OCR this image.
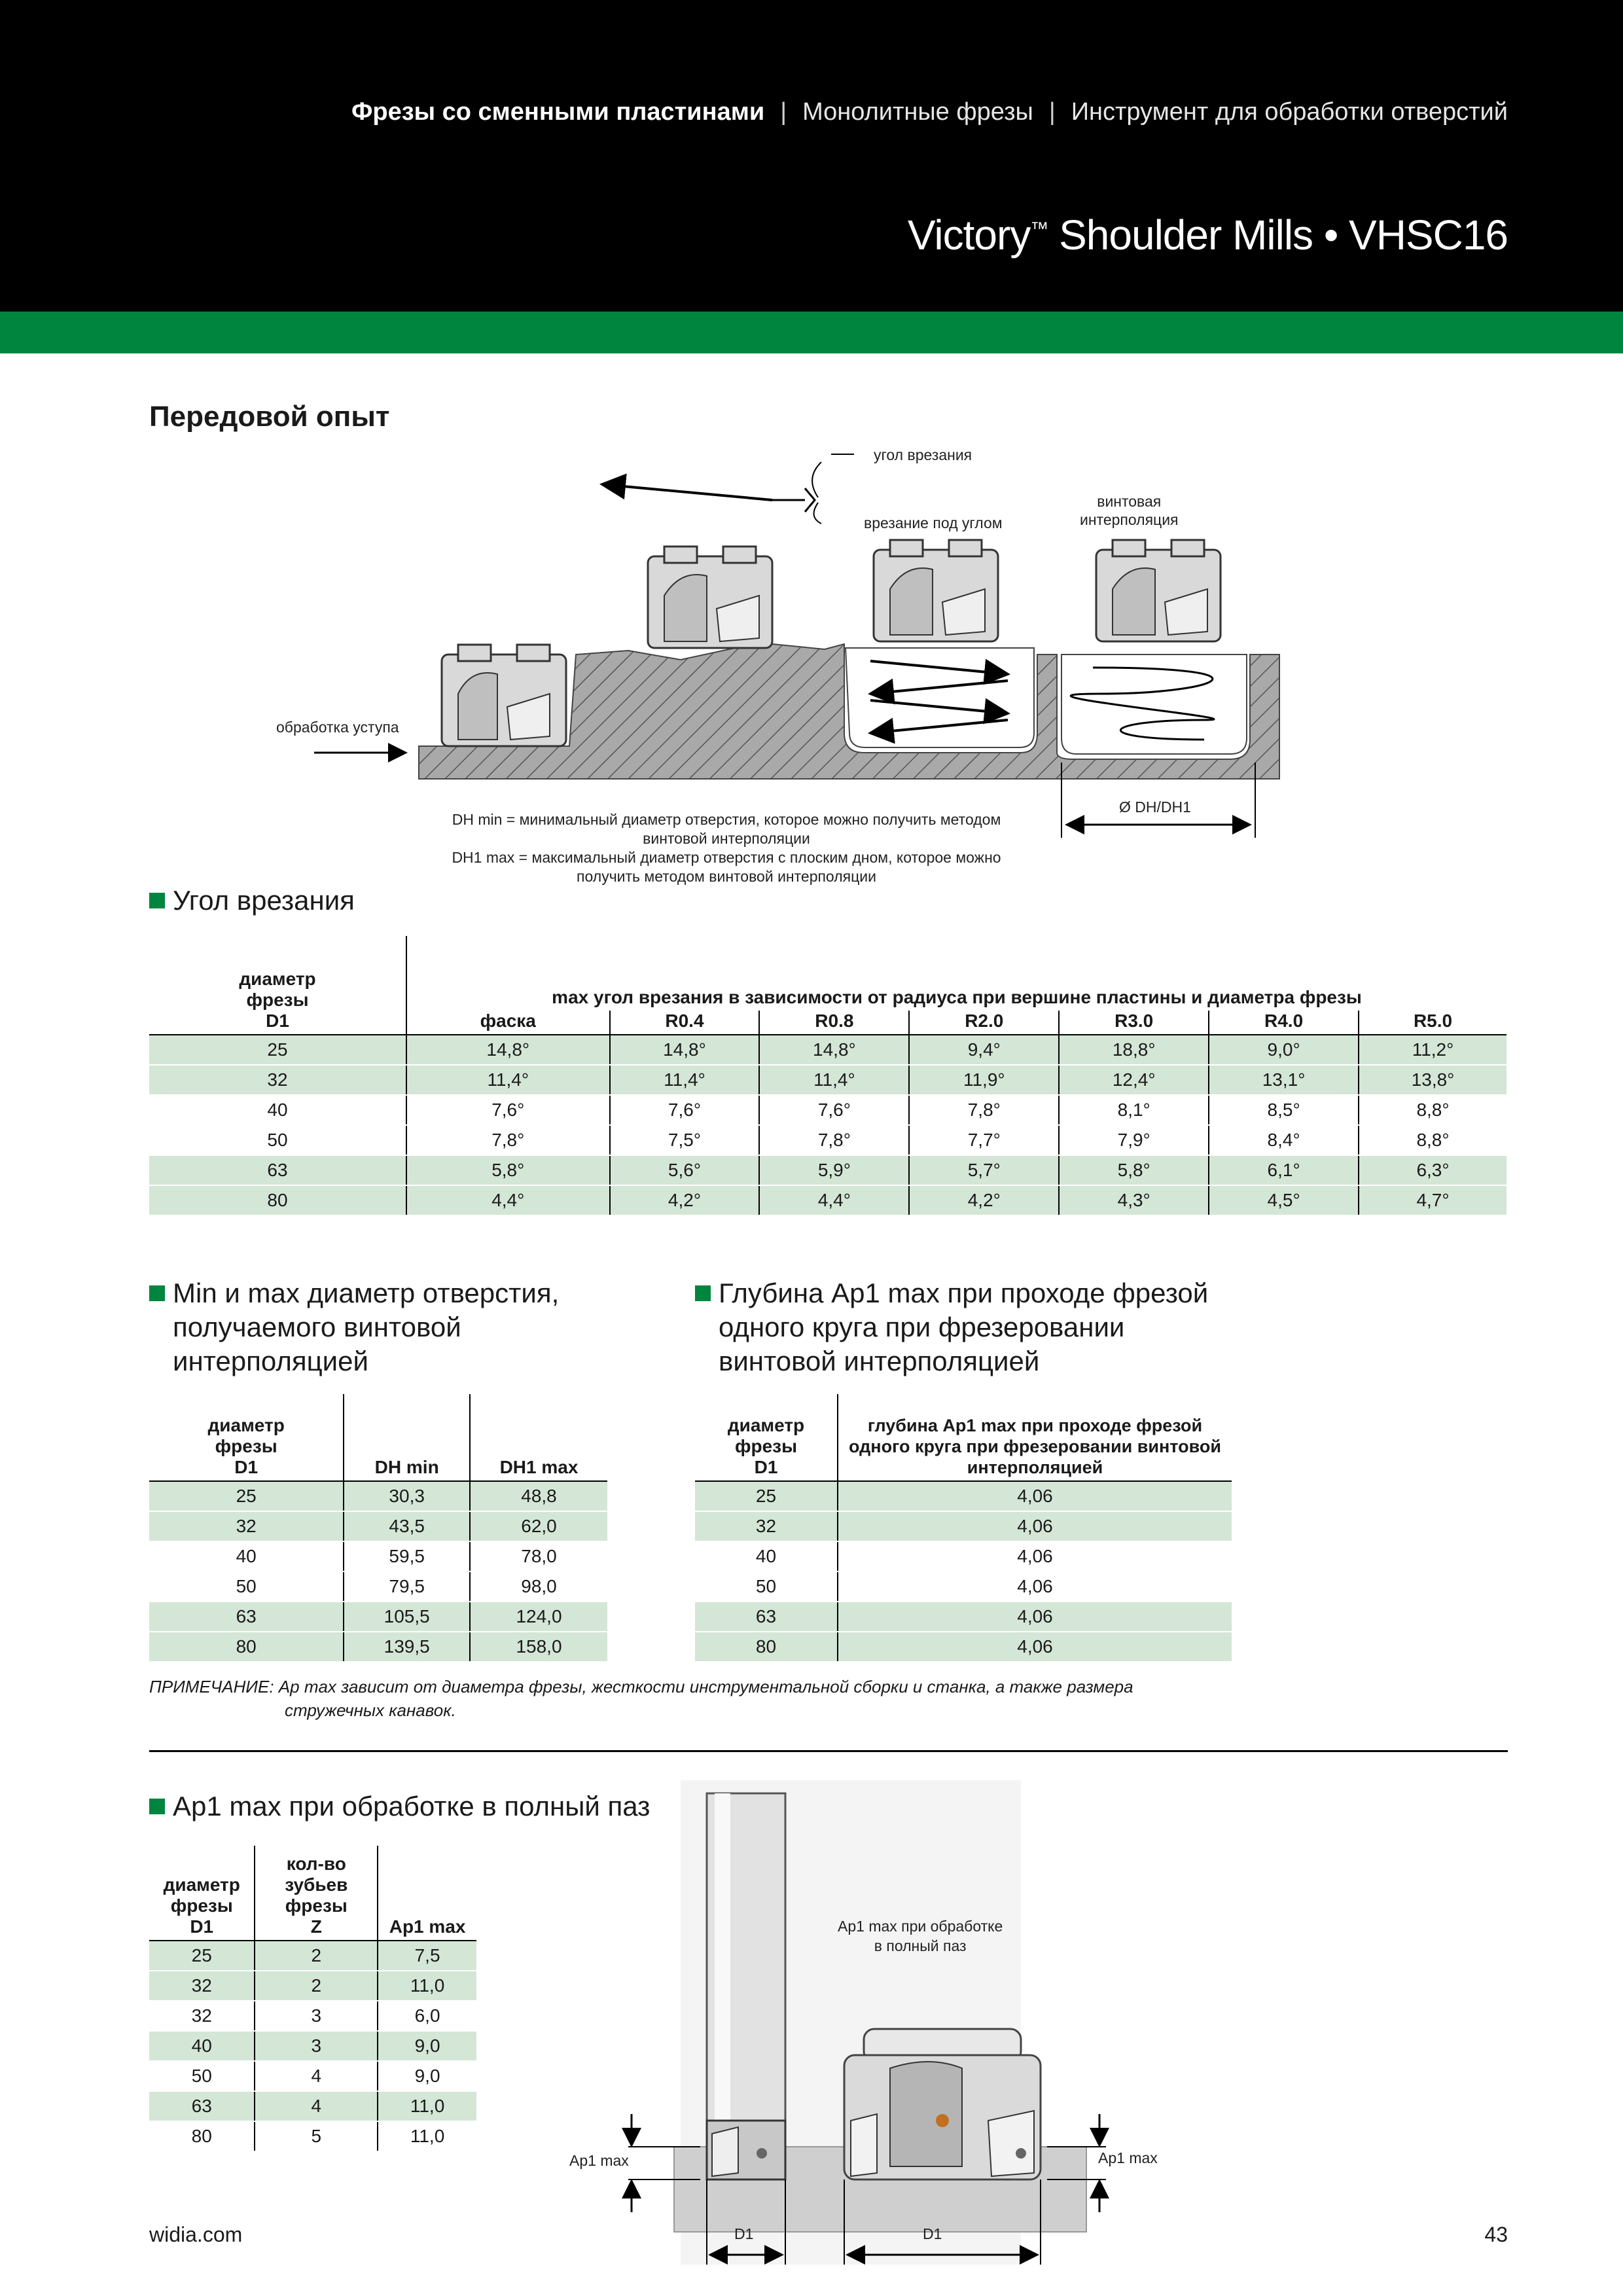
Фрезы со сменными пластинами | Монолитные фрезы | Инструмент для обработки отверстий
Victory™ Shoulder Mills • VHSC16
Передовой опыт
угол врезания
врезание под углом
винтовая
интерполяция
обработка уступа
Ø DH/DH1
DH min = минимальный диаметр отверстия, которое можно получить методом
винтовой интерполяции
DH1 max = максимальный диаметр отверстия с плоским дном, которое можно
получить методом винтовой интерполяции
Угол врезания
диаметр
фрезы
D1	max угол врезания в зависимости от радиуса при вершине пластины и диаметра фрезы						
	фаска	R0.4	R0.8	R2.0	R3.0	R4.0	R5.0
25	14,8°	14,8°	14,8°	9,4°	18,8°	9,0°	11,2°
32	11,4°	11,4°	11,4°	11,9°	12,4°	13,1°	13,8°
40	7,6°	7,6°	7,6°	7,8°	8,1°	8,5°	8,8°
50	7,8°	7,5°	7,8°	7,7°	7,9°	8,4°	8,8°
63	5,8°	5,6°	5,9°	5,7°	5,8°	6,1°	6,3°
80	4,4°	4,2°	4,4°	4,2°	4,3°	4,5°	4,7°
Min и max диаметр отверстия,
получаемого винтовой
интерполяцией
диаметр
фрезы
D1	DH min	DH1 max
25	30,3	48,8
32	43,5	62,0
40	59,5	78,0
50	79,5	98,0
63	105,5	124,0
80	139,5	158,0
Глубина Ap1 max при проходе фрезой
одного круга при фрезеровании
винтовой интерполяцией
диаметр
фрезы
D1	глубина Ap1 max при проходе фрезой
одного круга при фрезеровании винтовой
интерполяцией
25	4,06
32	4,06
40	4,06
50	4,06
63	4,06
80	4,06
ПРИМЕЧАНИЕ: Ap max зависит от диаметра фрезы, жесткости инструментальной сборки и станка, а также размера
стружечных канавок.
Ap1 max при обработке в полный паз
диаметр
фрезы
D1	кол-во
зубьев
фрезы
Z	Ap1 max
25	2	7,5
32	2	11,0
32	3	6,0
40	3	9,0
50	4	9,0
63	4	11,0
80	5	11,0
Ap1 max при обработке
в полный паз
Ap1 max	Ap1 max
D1	D1
widia.com	43
